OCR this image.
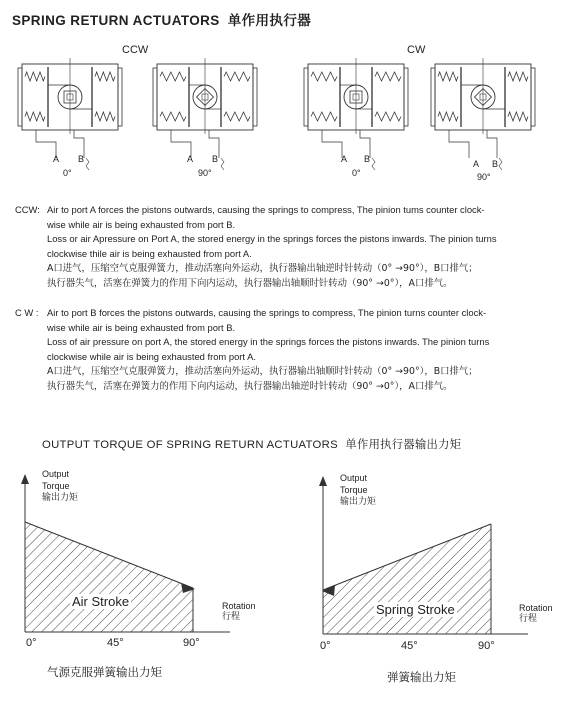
SPRING RETURN ACTUATORS 单作用执行器
CCW	CW
A B
0°
A B
90°
A B
0°
A B
90°
CCW: Air to port A forces the pistons outwards, causing the springs to compress, The pinion tums counter clock-
wise while air is being exhausted from port B.
Loss or air Apressure on Port A, the stored energy in the springs forces the pistons inwards. The pinion turns
clockwise thile air is being exhausted from port A.
A口进气，压缩空气克服弹簧力，推动活塞向外运动，执行器输出轴逆时针转动（0° →90°），B口排气；
执行器失气，活塞在弹簧力的作用下向内运动，执行器输出轴顺时针转动（90° →0°），A口排气。
C W : Air to port B forces the pistons outwards, causing the springs to compress, The pinion turns counter clock-
wise while air is being exhausted from port B.
Loss of air pressure on port A, the stored energy in the springs forces the pistons inwards. The pinion turns
clockwise while air is being exhausted from port A.
A口进气，压缩空气克服弹簧力，推动活塞向外运动，执行器输出轴顺时针转动（0° →90°），B口排气；
执行器失气，活塞在弹簧力的作用下向内运动，执行器输出轴逆时针转动（90° →0°），A口排气。
OUTPUT TORQUE OF SPRING RETURN ACTUATORS 单作用执行器输出力矩
Output
Torque
输出力矩
Rotation
行程
0°	45°	90°
Air Stroke
气源克服弹簧输出力矩
Output
Torque
输出力矩
Rotation
行程
0°	45°	90°
Spring Stroke
弹簧输出力矩
